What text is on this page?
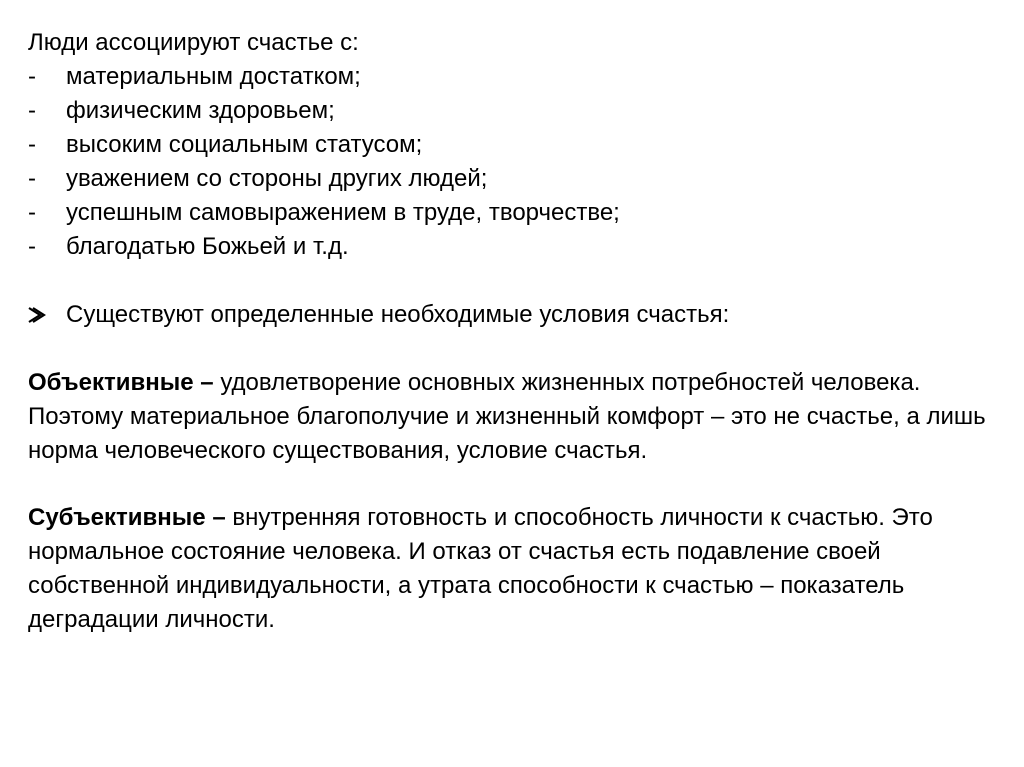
Люди ассоциируют счастье с:

-	материальным достатком;
-	физическим здоровьем;
-	высоким социальным статусом;
-	уважением со стороны других людей;
-	успешным самовыражением в труде, творчестве;
-	благодатью Божьей и т.д.
Существуют определенные необходимые условия счастья:

Объективные – удовлетворение основных жизненных потребностей человека. Поэтому материальное благополучие и жизненный комфорт – это не счастье, а лишь норма человеческого существования, условие счастья.

Субъективные – внутренняя готовность и способность личности к счастью. Это нормальное состояние человека. И отказ от счастья есть подавление своей собственной индивидуальности, а утрата способности к счастью – показатель деградации личности.
